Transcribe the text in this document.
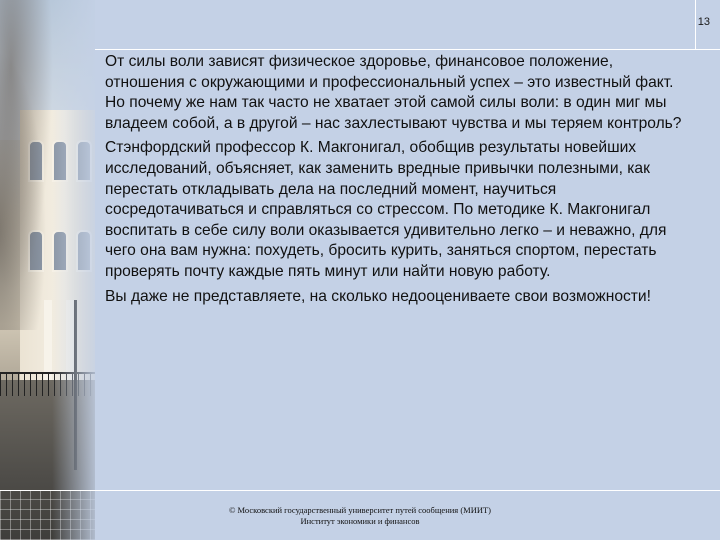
13

От силы воли зависят физическое здоровье, финансовое положение, отношения с окружающими и профессиональный успех – это известный факт. Но почему же нам так часто не хватает этой самой силы воли: в один миг мы владеем собой, а в другой – нас захлестывают чувства и мы теряем контроль?

Стэнфордский профессор К. Макгонигал, обобщив результаты новейших исследований, объясняет, как заменить вредные привычки полезными, как перестать откладывать дела на последний момент, научиться сосредотачиваться и справляться со стрессом. По методике К. Макгонигал воспитать в себе силу воли оказывается удивительно легко – и неважно, для чего она вам нужна: похудеть, бросить курить, заняться спортом, перестать проверять почту каждые пять минут или найти новую работу.

Вы даже не представляете, на сколько недооцениваете свои возможности!

© Московский государственный университет путей сообщения (МИИТ)
Институт экономики и финансов
